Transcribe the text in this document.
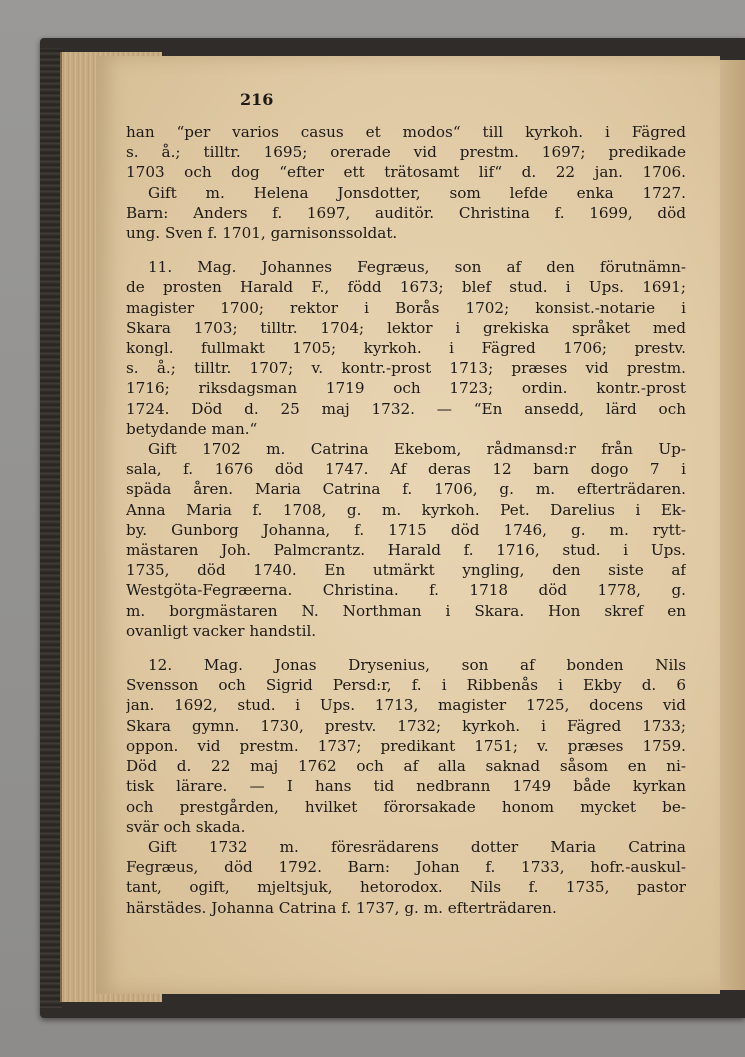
216
han “per varios casus et modos“ till kyrkoh. i Fägred
s. å.; tilltr. 1695; orerade vid prestm. 1697; predikade
1703 och dog “efter ett trätosamt lif“ d. 22 jan. 1706.
Gift m. Helena Jonsdotter, som lefde enka 1727.
Barn: Anders f. 1697, auditör. Christina f. 1699, död
ung. Sven f. 1701, garnisonssoldat.
11. Mag. Johannes Fegræus, son af den förutnämn-
de prosten Harald F., född 1673; blef stud. i Ups. 1691;
magister 1700; rektor i Borås 1702; konsist.-notarie i
Skara 1703; tilltr. 1704; lektor i grekiska språket med
kongl. fullmakt 1705; kyrkoh. i Fägred 1706; prestv.
s. å.; tilltr. 1707; v. kontr.-prost 1713; præses vid prestm.
1716; riksdagsman 1719 och 1723; ordin. kontr.-prost
1724. Död d. 25 maj 1732. — “En ansedd, lärd och
betydande man.“
Gift 1702 m. Catrina Ekebom, rådmansd:r från Up-
sala, f. 1676 död 1747. Af deras 12 barn dogo 7 i
späda åren. Maria Catrina f. 1706, g. m. efterträdaren.
Anna Maria f. 1708, g. m. kyrkoh. Pet. Darelius i Ek-
by. Gunborg Johanna, f. 1715 död 1746, g. m. rytt-
mästaren Joh. Palmcrantz. Harald f. 1716, stud. i Ups.
1735, död 1740. En utmärkt yngling, den siste af
Westgöta-Fegræerna. Christina. f. 1718 död 1778, g.
m. borgmästaren N. Northman i Skara. Hon skref en
ovanligt vacker handstil.
12. Mag. Jonas Drysenius, son af bonden Nils
Svensson och Sigrid Persd:r, f. i Ribbenås i Ekby d. 6
jan. 1692, stud. i Ups. 1713, magister 1725, docens vid
Skara gymn. 1730, prestv. 1732; kyrkoh. i Fägred 1733;
oppon. vid prestm. 1737; predikant 1751; v. præses 1759.
Död d. 22 maj 1762 och af alla saknad såsom en ni-
tisk lärare. — I hans tid nedbrann 1749 både kyrkan
och prestgården, hvilket förorsakade honom mycket be-
svär och skada.
Gift 1732 m. föresrädarens dotter Maria Catrina
Fegræus, död 1792. Barn: Johan f. 1733, hofr.-auskul-
tant, ogift, mjeltsjuk, hetorodox. Nils f. 1735, pastor
härstädes. Johanna Catrina f. 1737, g. m. efterträdaren.
